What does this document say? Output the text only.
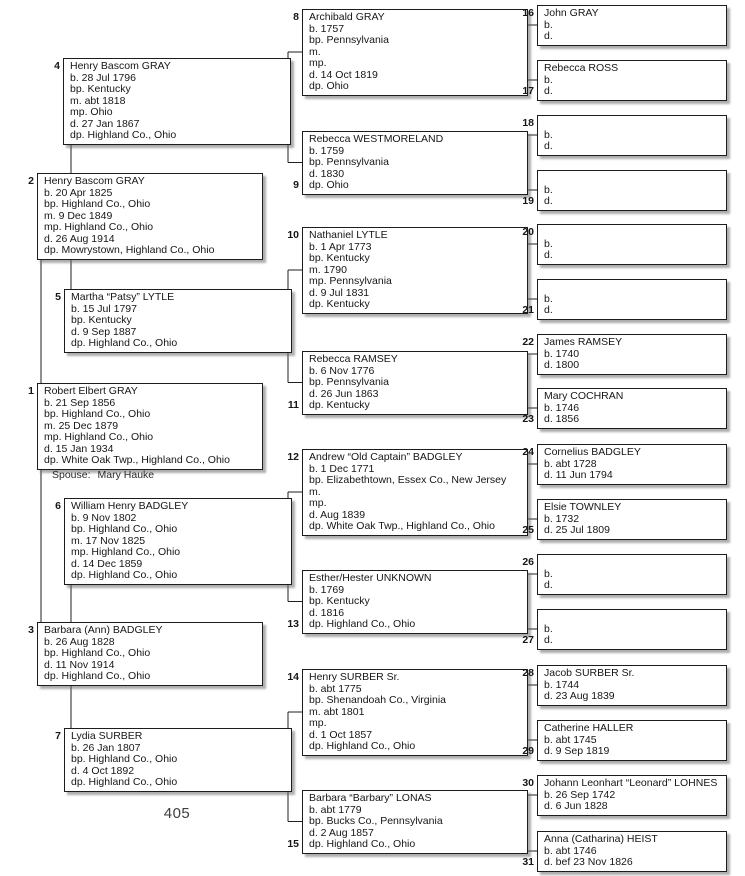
1 Robert Elbert GRAY
b. 21 Sep 1856
bp. Highland Co., Ohio
m. 25 Dec 1879
mp. Highland Co., Ohio
d. 15 Jan 1934
dp. White Oak Twp., Highland Co., Ohio
2 Henry Bascom GRAY
b. 20 Apr 1825
bp. Highland Co., Ohio
m. 9 Dec 1849
mp. Highland Co., Ohio
d. 26 Aug 1914
dp. Mowrystown, Highland Co., Ohio
3 Barbara (Ann) BADGLEY
b. 26 Aug 1828
bp. Highland Co., Ohio
d. 11 Nov 1914
dp. Highland Co., Ohio
4 Henry Bascom GRAY
b. 28 Jul 1796
bp. Kentucky
m. abt 1818
mp. Ohio
d. 27 Jan 1867
dp. Highland Co., Ohio
5 Martha “Patsy” LYTLE
b. 15 Jul 1797
bp. Kentucky
d. 9 Sep 1887
dp. Highland Co., Ohio
6 William Henry BADGLEY
b. 9 Nov 1802
bp. Highland Co., Ohio
m. 17 Nov 1825
mp. Highland Co., Ohio
d. 14 Dec 1859
dp. Highland Co., Ohio
7 Lydia SURBER
b. 26 Jan 1807
bp. Highland Co., Ohio
d. 4 Oct 1892
dp. Highland Co., Ohio
8 Archibald GRAY
b. 1757
bp. Pennsylvania
m.
mp.
d. 14 Oct 1819
dp. Ohio
9
Rebecca WESTMORELAND
b. 1759
bp. Pennsylvania
d. 1830
dp. Ohio
10 Nathaniel LYTLE
b. 1 Apr 1773
bp. Kentucky
m. 1790
mp. Pennsylvania
d. 9 Jul 1831
dp. Kentucky
11
Rebecca RAMSEY
b. 6 Nov 1776
bp. Pennsylvania
d. 26 Jun 1863
dp. Kentucky
12 Andrew “Old Captain” BADGLEY
b. 1 Dec 1771
bp. Elizabethtown, Essex Co., New Jersey
m.
mp.
d. Aug 1839
dp. White Oak Twp., Highland Co., Ohio
13
Esther/Hester UNKNOWN
b. 1769
bp. Kentucky
d. 1816
dp. Highland Co., Ohio
14 Henry SURBER Sr.
b. abt 1775
bp. Shenandoah Co., Virginia
m. abt 1801
mp.
d. 1 Oct 1857
dp. Highland Co., Ohio
15
Barbara “Barbary” LONAS
b. abt 1779
bp. Bucks Co., Pennsylvania
d. 2 Aug 1857
dp. Highland Co., Ohio
16 John GRAY
b.
d.
17
Rebecca ROSS
b.
d.
18
b.
d.
19
b.
d.
20
b.
d.
21
b.
d.
22 James RAMSEY
b. 1740
d. 1800
23
Mary COCHRAN
b. 1746
d. 1856
24 Cornelius BADGLEY
b. abt 1728
d. 11 Jun 1794
25
Elsie TOWNLEY
b. 1732
d. 25 Jul 1809
26
b.
d.
27
b.
d.
28 Jacob SURBER Sr.
b. 1744
d. 23 Aug 1839
29
Catherine HALLER
b. abt 1745
d. 9 Sep 1819
30 Johann Leonhart “Leonard” LOHNES
b. 26 Sep 1742
d. 6 Jun 1828
31
Anna (Catharina) HEIST
b. abt 1746
d. bef 23 Nov 1826
Spouse: Mary Hauke
405
